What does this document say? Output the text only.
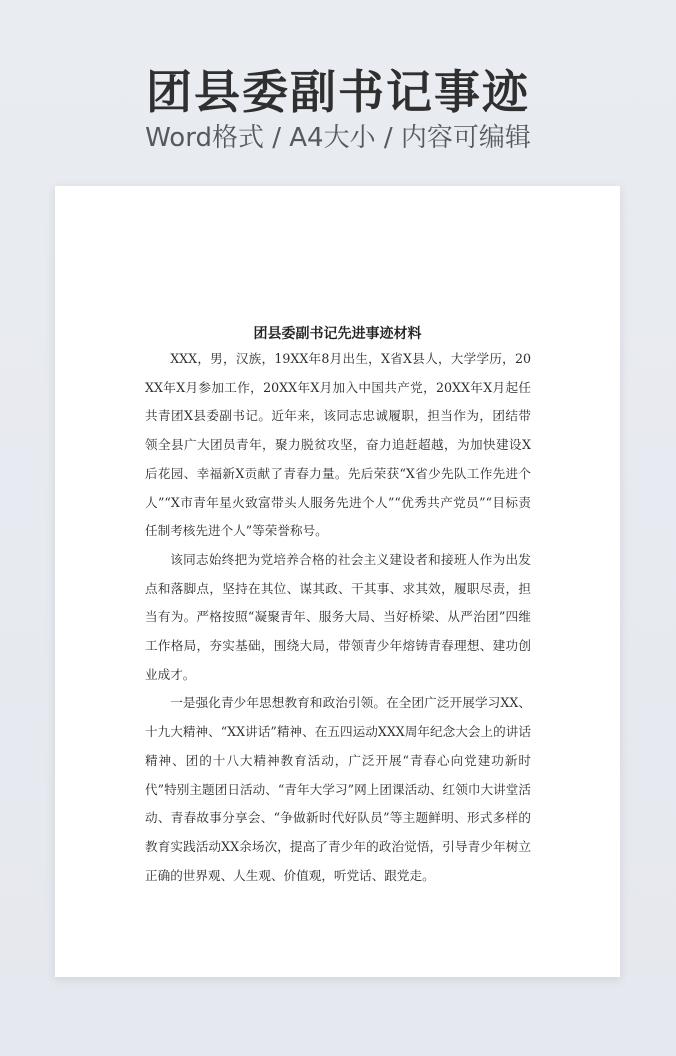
团县委副书记事迹
Word格式 / A4大小 / 内容可编辑
团县委副书记先进事迹材料

XXX，男，汉族，19XX年8月出生，X省X县人，大学学历，20XX年X月参加工作，20XX年X月加入中国共产党，20XX年X月起任共青团X县委副书记。近年来，该同志忠诚履职，担当作为，团结带领全县广大团员青年，聚力脱贫攻坚，奋力追赶超越，为加快建设X后花园、幸福新X贡献了青春力量。先后荣获“X省少先队工作先进个人”“X市青年星火致富带头人服务先进个人”“优秀共产党员”“目标责任制考核先进个人”等荣誉称号。

该同志始终把为党培养合格的社会主义建设者和接班人作为出发点和落脚点，坚持在其位、谋其政、干其事、求其效，履职尽责，担当有为。严格按照“凝聚青年、服务大局、当好桥梁、从严治团”四维工作格局，夯实基础，围绕大局，带领青少年熔铸青春理想、建功创业成才。

一是强化青少年思想教育和政治引领。在全团广泛开展学习XX、十九大精神、“XX讲话”精神、在五四运动XXX周年纪念大会上的讲话精神、团的十八大精神教育活动，广泛开展“青春心向党建功新时代”特别主题团日活动、“青年大学习”网上团课活动、红领巾大讲堂活动、青春故事分享会、“争做新时代好队员”等主题鲜明、形式多样的教育实践活动XX余场次，提高了青少年的政治觉悟，引导青少年树立正确的世界观、人生观、价值观，听党话、跟党走。
